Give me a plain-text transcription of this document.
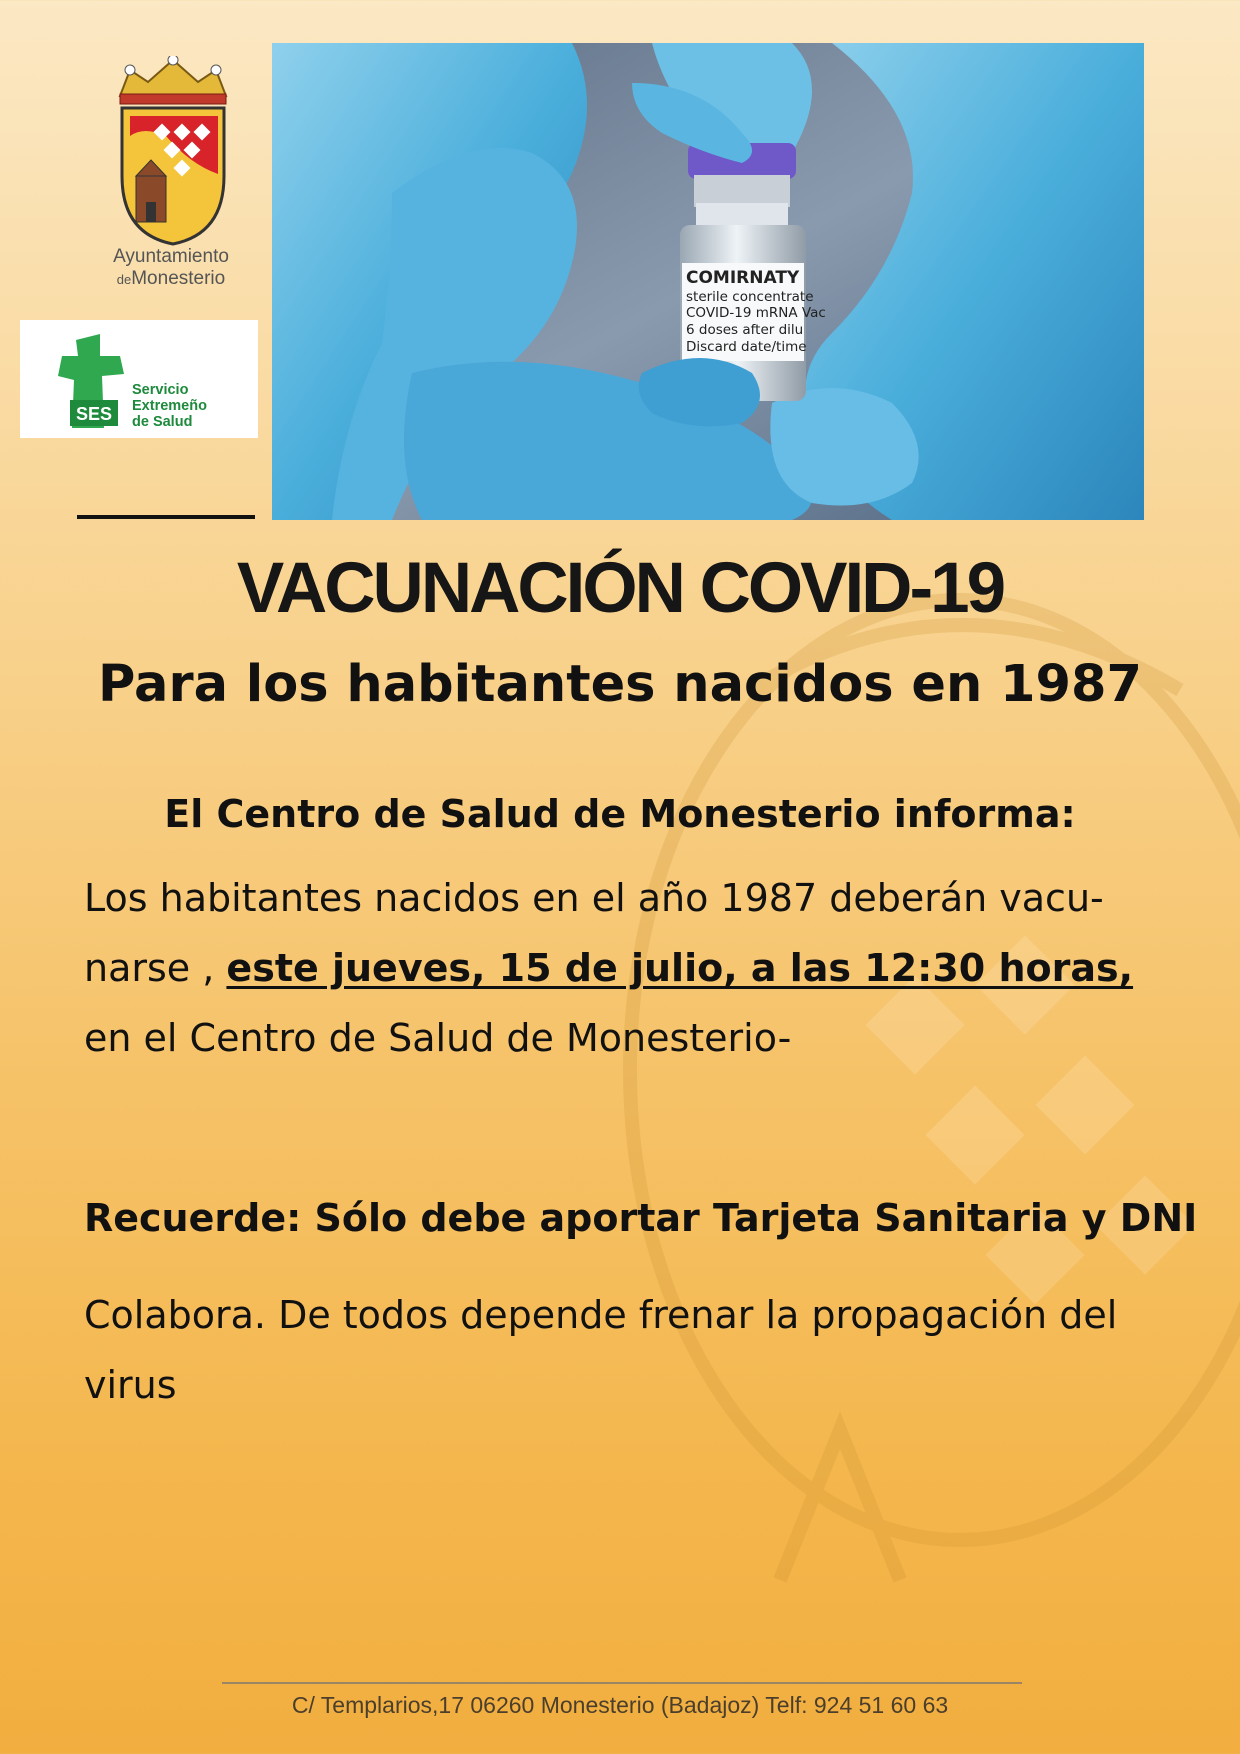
Ayuntamiento
deMonesterio
SES
Servicio
Extremeño
de Salud
COMIRNATY
sterile concentrate
COVID-19 mRNA Vac
6 doses after dilu
Discard date/time
VACUNACIÓN COVID-19
Para los habitantes nacidos en 1987
El Centro de Salud de Monesterio informa:
Los habitantes nacidos en el año 1987 deberán vacu-narse , este jueves, 15 de julio, a las 12:30 horas, en el Centro de Salud de Monesterio-
Recuerde: Sólo debe aportar Tarjeta Sanitaria y DNI
Colabora. De todos depende frenar la propagación del virus
C/ Templarios,17 06260 Monesterio (Badajoz) Telf: 924 51 60 63
